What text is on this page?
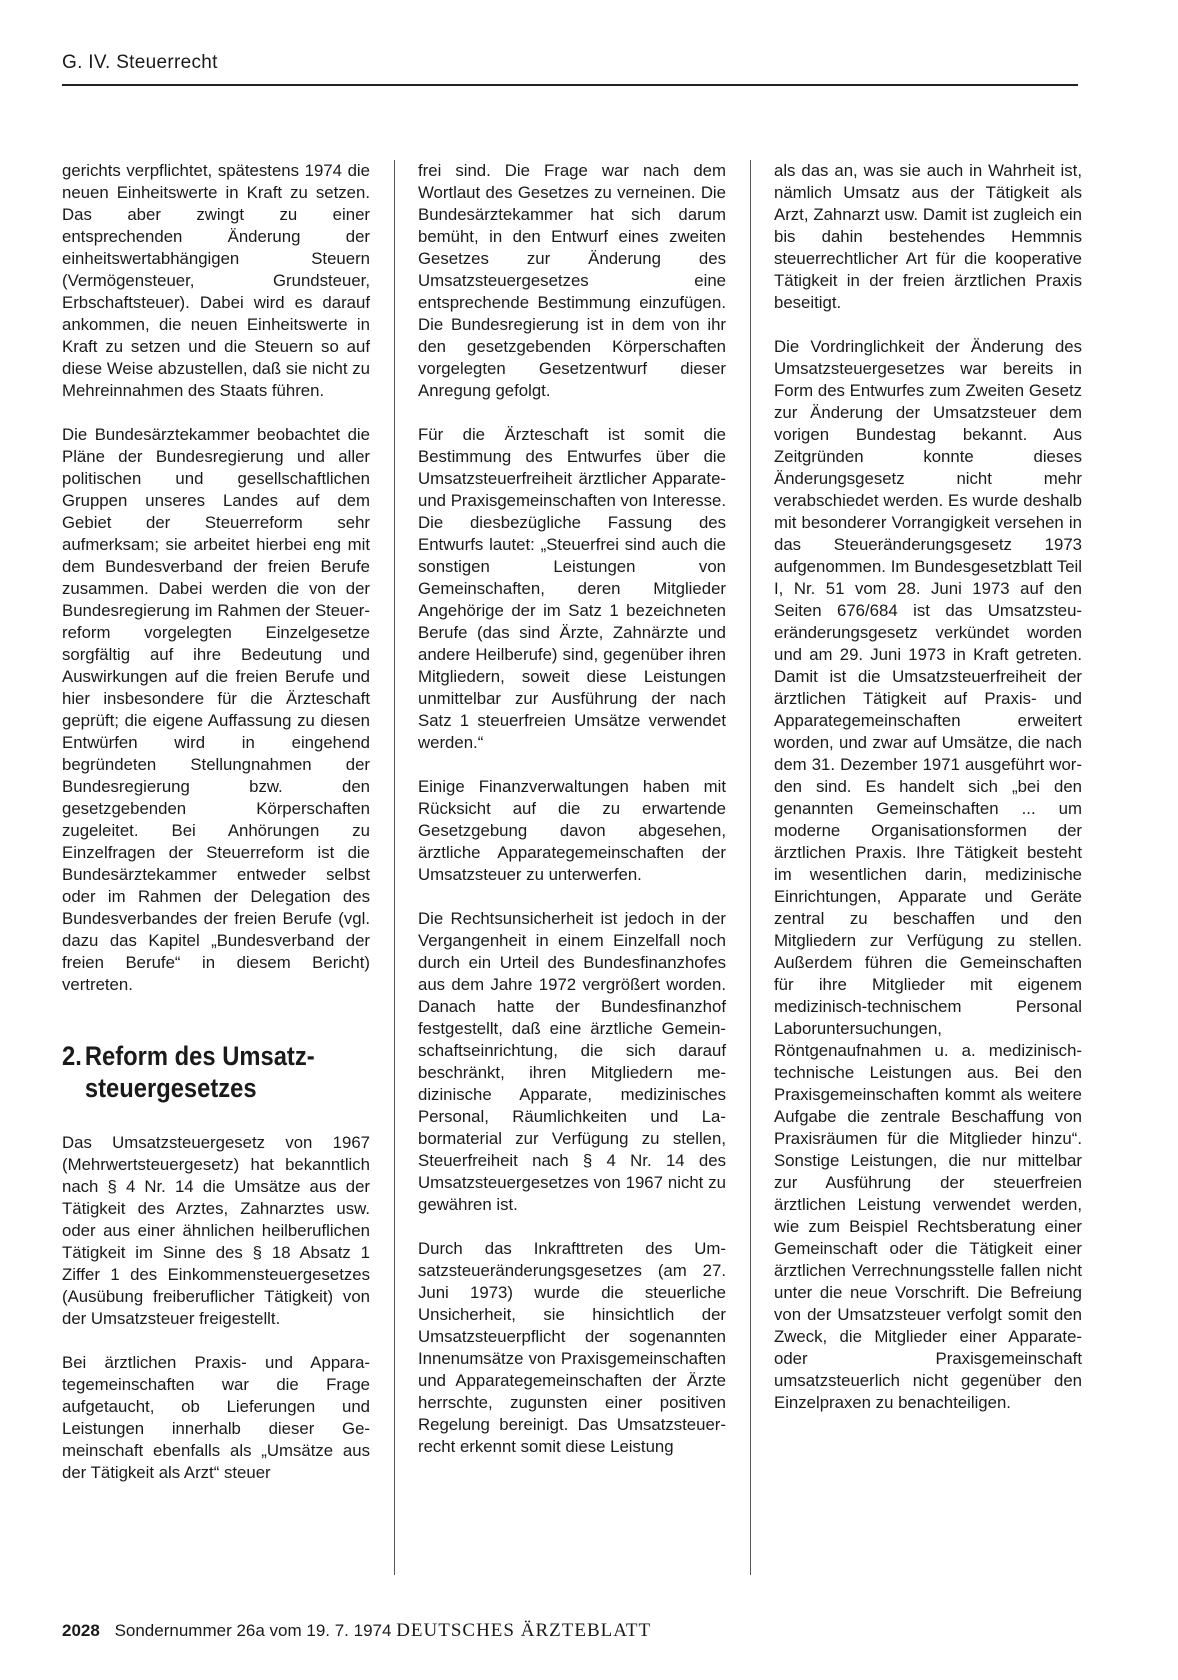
G. IV. Steuerrecht

gerichts verpflichtet, spätestens 1974 die neuen Einheitswerte in Kraft zu setzen. Das aber zwingt zu einer entsprechenden Änderung der einheitswertabhängigen Steuern (Vermögensteuer, Grundsteuer, Erbschaftsteuer). Dabei wird es darauf ankommen, die neuen Einheitswerte in Kraft zu setzen und die Steuern so auf diese Weise abzustellen, daß sie nicht zu Mehreinnahmen des Staats führen.

Die Bundesärztekammer beobachtet die Pläne der Bundesregierung und aller politischen und gesellschaftlichen Gruppen unseres Landes auf dem Gebiet der Steuerreform sehr aufmerksam; sie arbeitet hierbei eng mit dem Bundesverband der freien Berufe zusammen. Dabei werden die von der Bundesregierung im Rahmen der Steuerreform vorgelegten Einzelgesetze sorgfältig auf ihre Bedeutung und Auswirkungen auf die freien Berufe und hier insbesondere für die Ärzteschaft geprüft; die eigene Auffassung zu diesen Entwürfen wird in eingehend begründeten Stellungnahmen der Bundesregierung bzw. den gesetzgebenden Körperschaften zugeleitet. Bei Anhörungen zu Einzelfragen der Steuerreform ist die Bundesärztekammer entweder selbst oder im Rahmen der Delegation des Bundesverbandes der freien Berufe (vgl. dazu das Kapitel „Bundesverband der freien Berufe“ in diesem Bericht) vertreten.

2. Reform des Umsatzsteuergesetzes

Das Umsatzsteuergesetz von 1967 (Mehrwertsteuergesetz) hat bekanntlich nach § 4 Nr. 14 die Umsätze aus der Tätigkeit des Arztes, Zahnarztes usw. oder aus einer ähnlichen heilberuflichen Tätigkeit im Sinne des § 18 Absatz 1 Ziffer 1 des Einkommensteuergesetzes (Ausübung freiberuflicher Tätigkeit) von der Umsatzsteuer freigestellt.

Bei ärztlichen Praxis- und Apparategemeinschaften war die Frage aufgetaucht, ob Lieferungen und Leistungen innerhalb dieser Gemeinschaft ebenfalls als „Umsätze aus der Tätigkeit als Arzt“ steuer

frei sind. Die Frage war nach dem Wortlaut des Gesetzes zu verneinen. Die Bundesärztekammer hat sich darum bemüht, in den Entwurf eines zweiten Gesetzes zur Änderung des Umsatzsteuergesetzes eine entsprechende Bestimmung einzufügen. Die Bundesregierung ist in dem von ihr den gesetzgebenden Körperschaften vorgelegten Gesetzentwurf dieser Anregung gefolgt.

Für die Ärzteschaft ist somit die Bestimmung des Entwurfes über die Umsatzsteuerfreiheit ärztlicher Apparate- und Praxisgemeinschaften von Interesse. Die diesbezügliche Fassung des Entwurfs lautet: „Steuerfrei sind auch die sonstigen Leistungen von Gemeinschaften, deren Mitglieder Angehörige der im Satz 1 bezeichneten Berufe (das sind Ärzte, Zahnärzte und andere Heilberufe) sind, gegenüber ihren Mitgliedern, soweit diese Leistungen unmittelbar zur Ausführung der nach Satz 1 steuerfreien Umsätze verwendet werden.“

Einige Finanzverwaltungen haben mit Rücksicht auf die zu erwartende Gesetzgebung davon abgesehen, ärztliche Apparategemeinschaften der Umsatzsteuer zu unterwerfen.

Die Rechtsunsicherheit ist jedoch in der Vergangenheit in einem Einzelfall noch durch ein Urteil des Bundesfinanzhofes aus dem Jahre 1972 vergrößert worden. Danach hatte der Bundesfinanzhof festgestellt, daß eine ärztliche Gemeinschaftseinrichtung, die sich darauf beschränkt, ihren Mitgliedern medizinische Apparate, medizinisches Personal, Räumlichkeiten und Labormaterial zur Verfügung zu stellen, Steuerfreiheit nach § 4 Nr. 14 des Umsatzsteuergesetzes von 1967 nicht zu gewähren ist.

Durch das Inkrafttreten des Umsatzsteueränderungsgesetzes (am 27. Juni 1973) wurde die steuerliche Unsicherheit, sie hinsichtlich der Umsatzsteuerpflicht der sogenannten Innenumsätze von Praxisgemeinschaften und Apparategemeinschaften der Ärzte herrschte, zugunsten einer positiven Regelung bereinigt. Das Umsatzsteuerrecht erkennt somit diese Leistung

als das an, was sie auch in Wahrheit ist, nämlich Umsatz aus der Tätigkeit als Arzt, Zahnarzt usw. Damit ist zugleich ein bis dahin bestehendes Hemmnis steuerrechtlicher Art für die kooperative Tätigkeit in der freien ärztlichen Praxis beseitigt.

Die Vordringlichkeit der Änderung des Umsatzsteuergesetzes war bereits in Form des Entwurfes zum Zweiten Gesetz zur Änderung der Umsatzsteuer dem vorigen Bundestag bekannt. Aus Zeitgründen konnte dieses Änderungsgesetz nicht mehr verabschiedet werden. Es wurde deshalb mit besonderer Vorrangigkeit versehen in das Steueränderungsgesetz 1973 aufgenommen. Im Bundesgesetzblatt Teil I, Nr. 51 vom 28. Juni 1973 auf den Seiten 676/684 ist das Umsatzsteueränderungsgesetz verkündet worden und am 29. Juni 1973 in Kraft getreten. Damit ist die Umsatzsteuerfreiheit der ärztlichen Tätigkeit auf Praxis- und Apparategemeinschaften erweitert worden, und zwar auf Umsätze, die nach dem 31. Dezember 1971 ausgeführt worden sind. Es handelt sich „bei den genannten Gemeinschaften ... um moderne Organisationsformen der ärztlichen Praxis. Ihre Tätigkeit besteht im wesentlichen darin, medizinische Einrichtungen, Apparate und Geräte zentral zu beschaffen und den Mitgliedern zur Verfügung zu stellen. Außerdem führen die Gemeinschaften für ihre Mitglieder mit eigenem medizinisch-technischem Personal Laboruntersuchungen, Röntgenaufnahmen u. a. medizinisch-technische Leistungen aus. Bei den Praxisgemeinschaften kommt als weitere Aufgabe die zentrale Beschaffung von Praxisräumen für die Mitglieder hinzu“. Sonstige Leistungen, die nur mittelbar zur Ausführung der steuerfreien ärztlichen Leistung verwendet werden, wie zum Beispiel Rechtsberatung einer Gemeinschaft oder die Tätigkeit einer ärztlichen Verrechnungsstelle fallen nicht unter die neue Vorschrift. Die Befreiung von der Umsatzsteuer verfolgt somit den Zweck, die Mitglieder einer Apparate- oder Praxisgemeinschaft umsatzsteuerlich nicht gegenüber den Einzelpraxen zu benachteiligen.

2028 Sondernummer 26a vom 19. 7. 1974 DEUTSCHES ÄRZTEBLATT
